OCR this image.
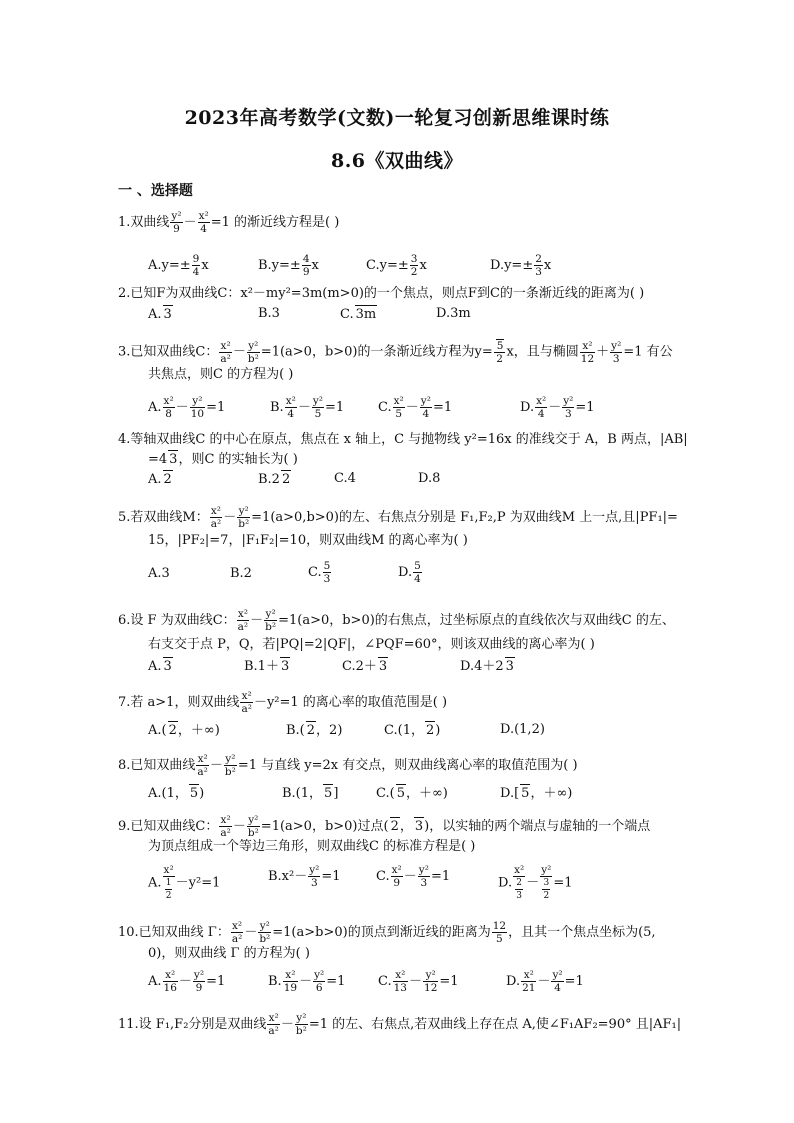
2023年高考数学(文数)一轮复习创新思维课时练
8.6《双曲线》
一 、选择题
1.双曲线 $\frac{\text{y²}}{9} - \frac{\text{x²}}{4} =1$ 的渐近线方程是( )
$A.y=\pm \frac{9}{4}$ x	$B.y=\pm \frac{4}{9}$ x	$C.y=\pm \frac{3}{2}$ x	$D.y=\pm \frac{2}{3}$ x
2.已知F为双曲线C：x²－my²=3m(m>0)的一个焦点，则点F到C的一条渐近线的距离为( )
A. 3	B.3	C. 3m	D.3m
3.已知双曲线C： $\frac{\text{x²}}{\text{a²}} - \frac{\text{y²}}{\text{b²}} =1(a>0$，b>0)的一条渐近线方程为$y= \frac{5}{2}$ x，且与椭圆 $\frac{\text{x²}}{12} + \frac{\text{y²}}{3} =1$ 有公
共焦点，则C 的方程为( )
A. $\frac{\text{x²}}{8} - \frac{\text{y²}}{10} =1$	B. $\frac{\text{x²}}{4} - \frac{\text{y²}}{5} =1$	C. $\frac{\text{x²}}{5} - \frac{\text{y²}}{4} =1$	D. $\frac{\text{x²}}{4} - \frac{\text{y²}}{3} =1$
4.等轴双曲线C 的中心在原点，焦点在 x 轴上，C 与抛物线 y²=16x 的准线交于 A，B 两点，|AB|
=4 3，则C 的实轴长为( )
A. 2	B.2 2	C.4	D.8
5.若双曲线M： $\frac{\text{x²}}{\text{a²}} - \frac{\text{y²}}{\text{b²}} =1(a>0,b>0)$的左、右焦点分别是 F₁,F₂,P 为双曲线M 上一点,且|PF₁|=
15，|PF₂|=7，|F₁F₂|=10，则双曲线M 的离心率为( )
A.3	B.2	C. $\frac{5}{3}$	D. $\frac{5}{4}$
6.设 F 为双曲线C： $\frac{\text{x²}}{\text{a²}} - \frac{\text{y²}}{\text{b²}} =1(a>0$，b>0)的右焦点，过坐标原点的直线依次与双曲线C 的左、
右支交于点 P，Q，若|PQ|=2|QF|，∠PQF=60°，则该双曲线的离心率为( )
A. 3	B.1＋ 3	C.2＋ 3	D.4＋2 3
7.若 a>1，则双曲线 $\frac{\text{x²}}{\text{a²}} -y^2=1$ 的离心率的取值范围是( )
A.( 2，＋∞)	B.( 2，2)	C.(1， 2)	D.(1,2)
8.已知双曲线 $\frac{\text{x²}}{\text{a²}} - \frac{\text{y²}}{\text{b²}} =1$ 与直线 y=2x 有交点，则双曲线离心率的取值范围为( )
A.(1， 5)	B.(1， 5]	C.( 5，＋∞)	D.[ 5，＋∞)
9.已知双曲线C： $\frac{\text{x²}}{\text{a²}} - \frac{\text{y²}}{\text{b²}} =1(a>0$，b>0)过点( 2， 3)，以实轴的两个端点与虚轴的一个端点
为顶点组成一个等边三角形，则双曲线C 的标准方程是( )
A. $\frac{\text{x²}}{\frac{1}{2}} -y^2=1$	$B.x^2- \frac{\text{y²}}{3} =1$	C. $\frac{\text{x²}}{9} - \frac{\text{y²}}{3} =1$	D. $\frac{\text{x²}}{\frac{2}{3}} - \frac{\text{y²}}{\frac{3}{2}} =1$
10.已知双曲线 Γ： $\frac{\text{x²}}{\text{a²}} - \frac{\text{y²}}{\text{b²}} =1(a>b>0)$的顶点到渐近线的距离为 $\frac{12}{5}$ ，且其一个焦点坐标为(5,
0)，则双曲线 Γ 的方程为( )
A. $\frac{\text{x²}}{16} - \frac{\text{y²}}{9} =1$	B. $\frac{\text{x²}}{19} - \frac{\text{y²}}{6} =1$	C. $\frac{\text{x²}}{13} - \frac{\text{y²}}{12} =1$	D. $\frac{\text{x²}}{21} - \frac{\text{y²}}{4} =1$
11.设 F₁,F₂分别是双曲线 $\frac{\text{x²}}{\text{a²}} - \frac{\text{y²}}{\text{b²}} =1$ 的左、右焦点,若双曲线上存在点 A,使∠F₁AF₂=90° 且|AF₁|
